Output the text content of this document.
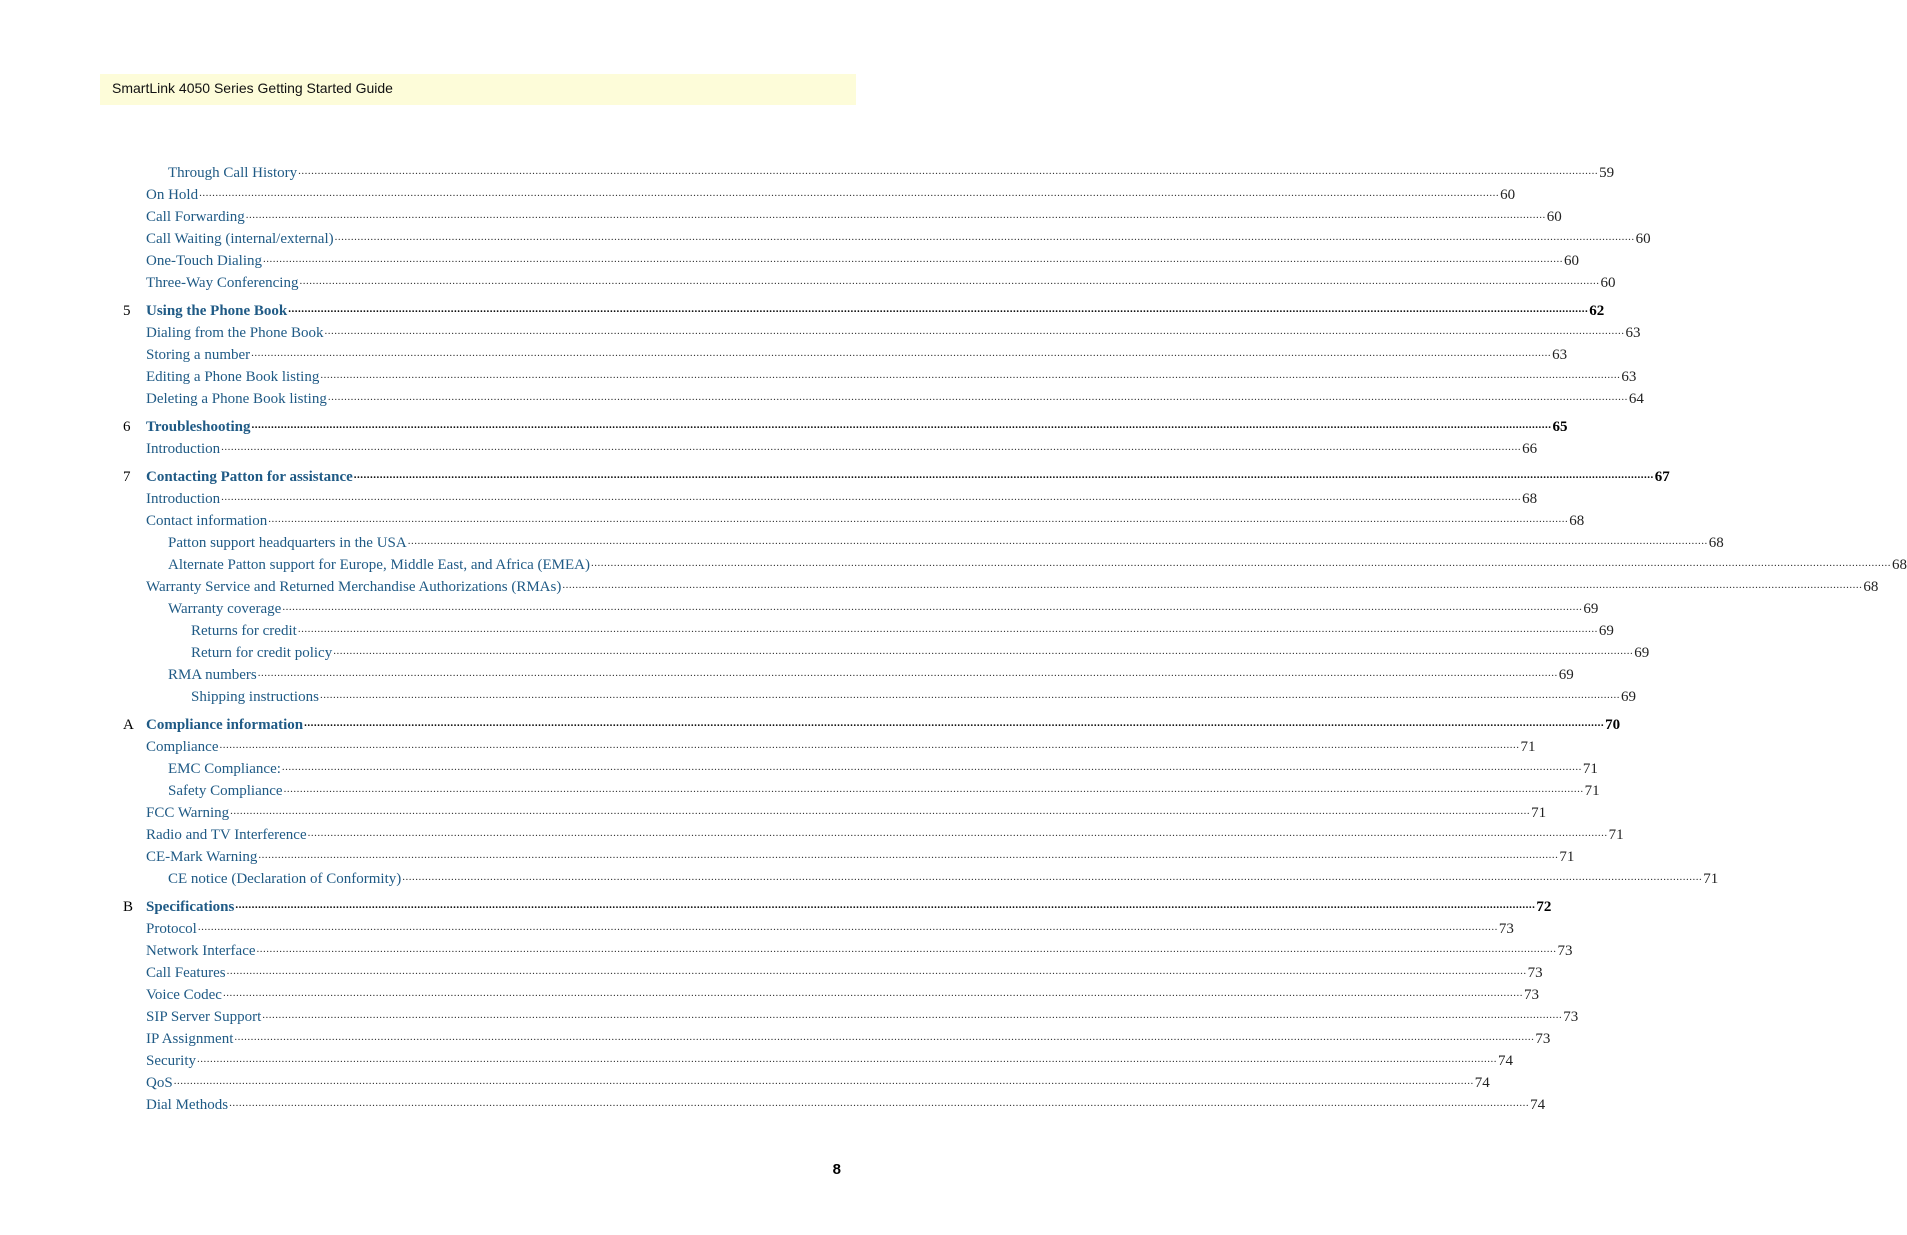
SmartLink 4050 Series Getting Started Guide
Through Call History ................................................................................................................................................................................................................................................................................................................................................................................................................ 59
On Hold ................................................................................................................................................................................................................................................................................................................................................................................................................ 60
Call Forwarding ................................................................................................................................................................................................................................................................................................................................................................................................................ 60
Call Waiting (internal/external) ................................................................................................................................................................................................................................................................................................................................................................................................................ 60
One-Touch Dialing ................................................................................................................................................................................................................................................................................................................................................................................................................ 60
Three-Way Conferencing ................................................................................................................................................................................................................................................................................................................................................................................................................ 60
5 Using the Phone Book ................................................................................................................................................................................................................................................................................................................................................................................................................ 62
Dialing from the Phone Book ................................................................................................................................................................................................................................................................................................................................................................................................................ 63
Storing a number ................................................................................................................................................................................................................................................................................................................................................................................................................ 63
Editing a Phone Book listing ................................................................................................................................................................................................................................................................................................................................................................................................................ 63
Deleting a Phone Book listing ................................................................................................................................................................................................................................................................................................................................................................................................................ 64
6 Troubleshooting ................................................................................................................................................................................................................................................................................................................................................................................................................ 65
Introduction ................................................................................................................................................................................................................................................................................................................................................................................................................ 66
7 Contacting Patton for assistance ................................................................................................................................................................................................................................................................................................................................................................................................................ 67
Introduction ................................................................................................................................................................................................................................................................................................................................................................................................................ 68
Contact information ................................................................................................................................................................................................................................................................................................................................................................................................................ 68
Patton support headquarters in the USA ................................................................................................................................................................................................................................................................................................................................................................................................................ 68
Alternate Patton support for Europe, Middle East, and Africa (EMEA) ................................................................................................................................................................................................................................................................................................................................................................................................................ 68
Warranty Service and Returned Merchandise Authorizations (RMAs) ................................................................................................................................................................................................................................................................................................................................................................................................................ 68
Warranty coverage ................................................................................................................................................................................................................................................................................................................................................................................................................ 69
Returns for credit ................................................................................................................................................................................................................................................................................................................................................................................................................ 69
Return for credit policy ................................................................................................................................................................................................................................................................................................................................................................................................................ 69
RMA numbers ................................................................................................................................................................................................................................................................................................................................................................................................................ 69
Shipping instructions ................................................................................................................................................................................................................................................................................................................................................................................................................ 69
A Compliance information ................................................................................................................................................................................................................................................................................................................................................................................................................ 70
Compliance ................................................................................................................................................................................................................................................................................................................................................................................................................ 71
EMC Compliance: ................................................................................................................................................................................................................................................................................................................................................................................................................ 71
Safety Compliance ................................................................................................................................................................................................................................................................................................................................................................................................................ 71
FCC Warning ................................................................................................................................................................................................................................................................................................................................................................................................................ 71
Radio and TV Interference ................................................................................................................................................................................................................................................................................................................................................................................................................ 71
CE-Mark Warning ................................................................................................................................................................................................................................................................................................................................................................................................................ 71
CE notice (Declaration of Conformity) ................................................................................................................................................................................................................................................................................................................................................................................................................ 71
B Specifications ................................................................................................................................................................................................................................................................................................................................................................................................................ 72
Protocol ................................................................................................................................................................................................................................................................................................................................................................................................................ 73
Network Interface ................................................................................................................................................................................................................................................................................................................................................................................................................ 73
Call Features ................................................................................................................................................................................................................................................................................................................................................................................................................ 73
Voice Codec ................................................................................................................................................................................................................................................................................................................................................................................................................ 73
SIP Server Support ................................................................................................................................................................................................................................................................................................................................................................................................................ 73
IP Assignment ................................................................................................................................................................................................................................................................................................................................................................................................................ 73
Security ................................................................................................................................................................................................................................................................................................................................................................................................................ 74
QoS ................................................................................................................................................................................................................................................................................................................................................................................................................ 74
Dial Methods ................................................................................................................................................................................................................................................................................................................................................................................................................ 74
8
